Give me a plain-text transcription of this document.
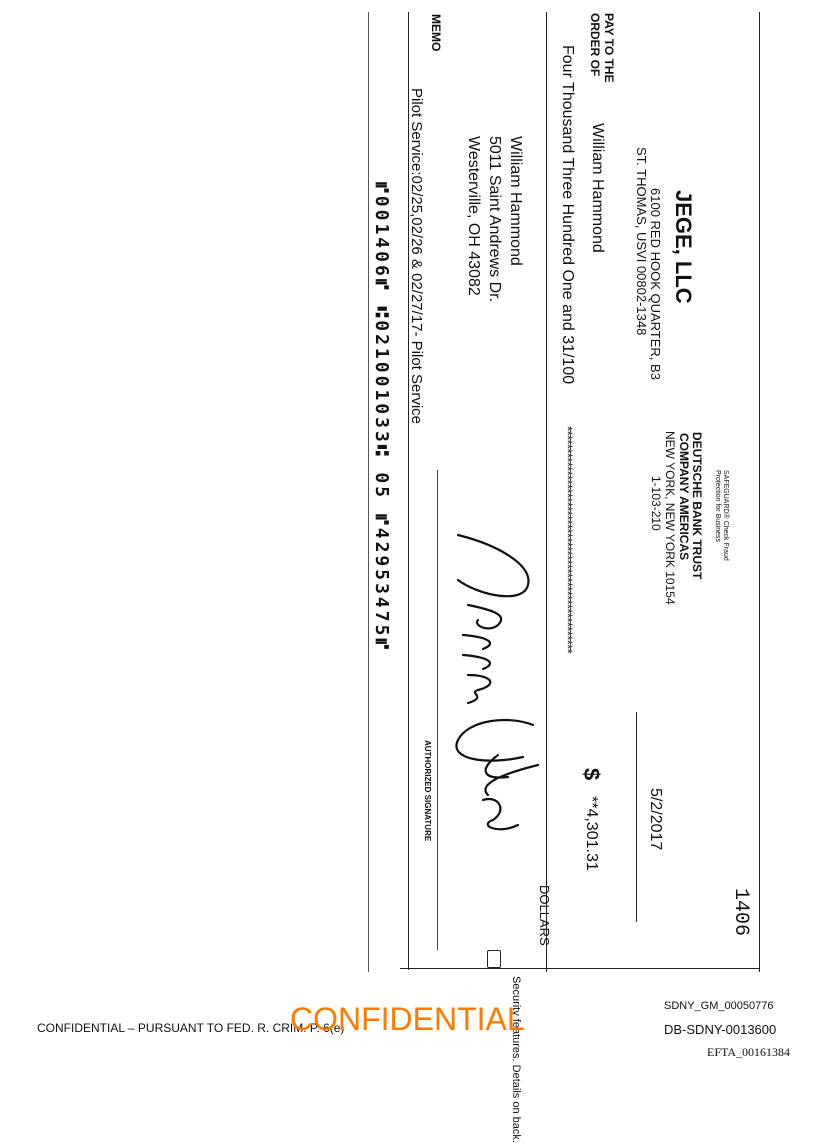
JEGE, LLC
6100 RED HOOK QUARTER, B3
ST. THOMAS, USVI 00802-1348
PAY TO THE
ORDER OF
William Hammond
Four Thousand Three Hundred One and 31/100
***************************************************
DOLLARS
William Hammond
5011 Saint Andrews Dr.
Westerville, OH 43082
MEMO
Pilot Service:02/25,02/26 & 02/27/17- Pilot Service
⑈001406⑈ ⑆021001033⑆ 05 ⑈42953475⑈	SAFEGUARD® Check Fraud
Protection for Business
DEUTSCHE BANK TRUST
COMPANY AMERICAS
NEW YORK, NEW YORK 10154
1-103-210
5/2/2017
1406
$
**4,301.31
AUTHORIZED SIGNATURE
Security features. Details on back.
CONFIDENTIAL – PURSUANT TO FED. R. CRIM. P. 6(e)
CONFIDENTIAL	SDNY_GM_00050776
DB-SDNY-0013600
EFTA_00161384
